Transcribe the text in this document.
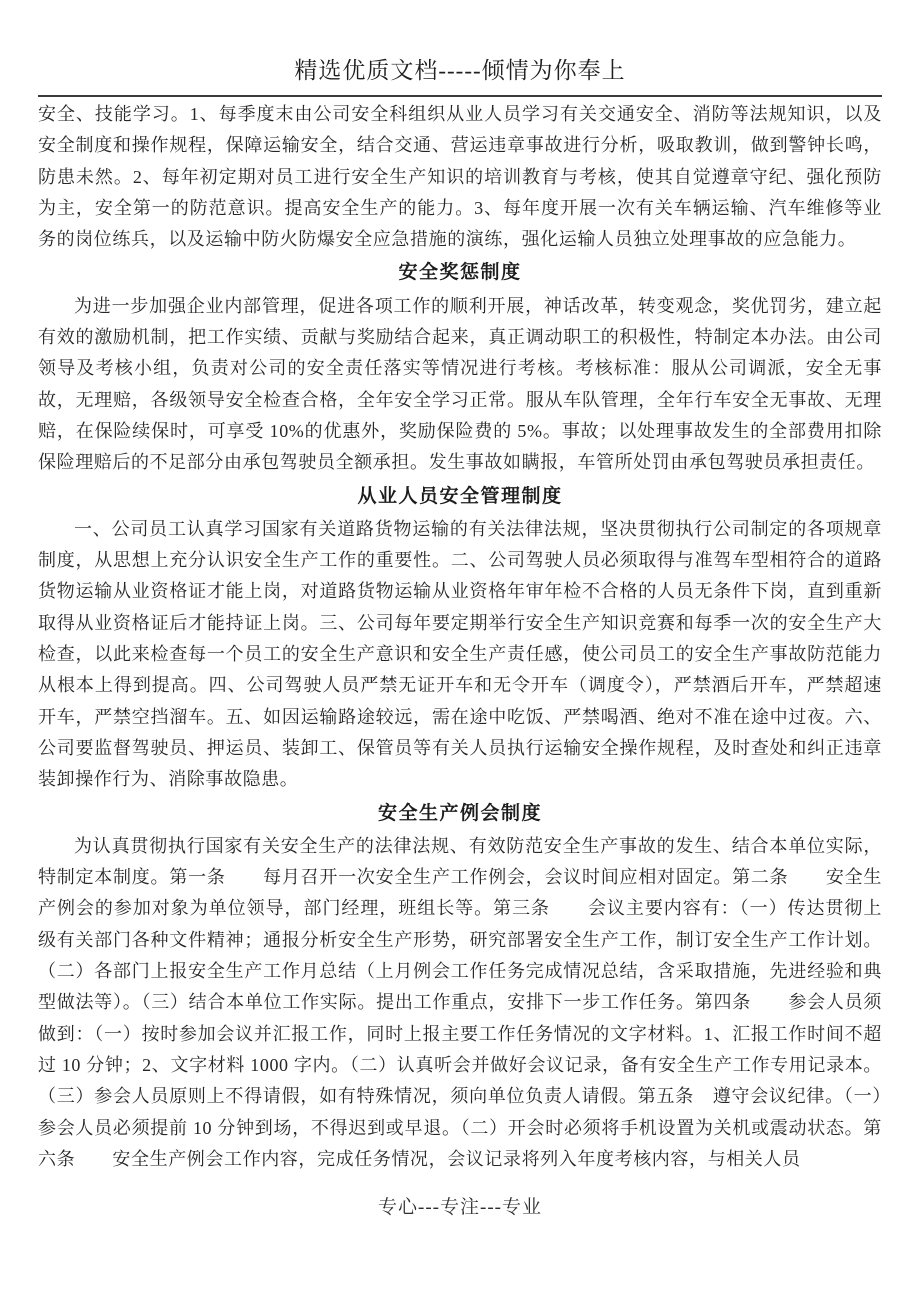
精选优质文档-----倾情为你奉上

安全、技能学习。1、每季度末由公司安全科组织从业人员学习有关交通安全、消防等法规知识，以及安全制度和操作规程，保障运输安全，结合交通、营运违章事故进行分析，吸取教训，做到警钟长鸣，防患未然。2、每年初定期对员工进行安全生产知识的培训教育与考核，使其自觉遵章守纪、强化预防为主，安全第一的防范意识。提高安全生产的能力。3、每年度开展一次有关车辆运输、汽车维修等业务的岗位练兵，以及运输中防火防爆安全应急措施的演练，强化运输人员独立处理事故的应急能力。

安全奖惩制度

为进一步加强企业内部管理，促进各项工作的顺利开展，神话改革，转变观念，奖优罚劣，建立起有效的激励机制，把工作实绩、贡献与奖励结合起来，真正调动职工的积极性，特制定本办法。由公司领导及考核小组，负责对公司的安全责任落实等情况进行考核。考核标准：服从公司调派，安全无事故，无理赔，各级领导安全检查合格，全年安全学习正常。服从车队管理，全年行车安全无事故、无理赔，在保险续保时，可享受 10%的优惠外，奖励保险费的 5%。事故；以处理事故发生的全部费用扣除保险理赔后的不足部分由承包驾驶员全额承担。发生事故如瞒报，车管所处罚由承包驾驶员承担责任。

从业人员安全管理制度

一、公司员工认真学习国家有关道路货物运输的有关法律法规，坚决贯彻执行公司制定的各项规章制度，从思想上充分认识安全生产工作的重要性。二、公司驾驶人员必须取得与准驾车型相符合的道路货物运输从业资格证才能上岗，对道路货物运输从业资格年审年检不合格的人员无条件下岗，直到重新取得从业资格证后才能持证上岗。三、公司每年要定期举行安全生产知识竞赛和每季一次的安全生产大检查，以此来检查每一个员工的安全生产意识和安全生产责任感，使公司员工的安全生产事故防范能力从根本上得到提高。四、公司驾驶人员严禁无证开车和无令开车（调度令），严禁酒后开车，严禁超速开车，严禁空挡溜车。五、如因运输路途较远，需在途中吃饭、严禁喝酒、绝对不准在途中过夜。六、公司要监督驾驶员、押运员、装卸工、保管员等有关人员执行运输安全操作规程，及时查处和纠正违章装卸操作行为、消除事故隐患。

安全生产例会制度

为认真贯彻执行国家有关安全生产的法律法规、有效防范安全生产事故的发生、结合本单位实际，特制定本制度。第一条　　每月召开一次安全生产工作例会，会议时间应相对固定。第二条　　安全生产例会的参加对象为单位领导，部门经理，班组长等。第三条　　会议主要内容有：（一）传达贯彻上级有关部门各种文件精神；通报分析安全生产形势，研究部署安全生产工作，制订安全生产工作计划。（二）各部门上报安全生产工作月总结（上月例会工作任务完成情况总结，含采取措施，先进经验和典型做法等）。（三）结合本单位工作实际。提出工作重点，安排下一步工作任务。第四条　　参会人员须做到：（一）按时参加会议并汇报工作，同时上报主要工作任务情况的文字材料。1、汇报工作时间不超过 10 分钟；2、文字材料 1000 字内。（二）认真听会并做好会议记录，备有安全生产工作专用记录本。（三）参会人员原则上不得请假，如有特殊情况，须向单位负责人请假。第五条　遵守会议纪律。（一）参会人员必须提前 10 分钟到场，不得迟到或早退。（二）开会时必须将手机设置为关机或震动状态。第六条　　安全生产例会工作内容，完成任务情况，会议记录将列入年度考核内容，与相关人员

专心---专注---专业
